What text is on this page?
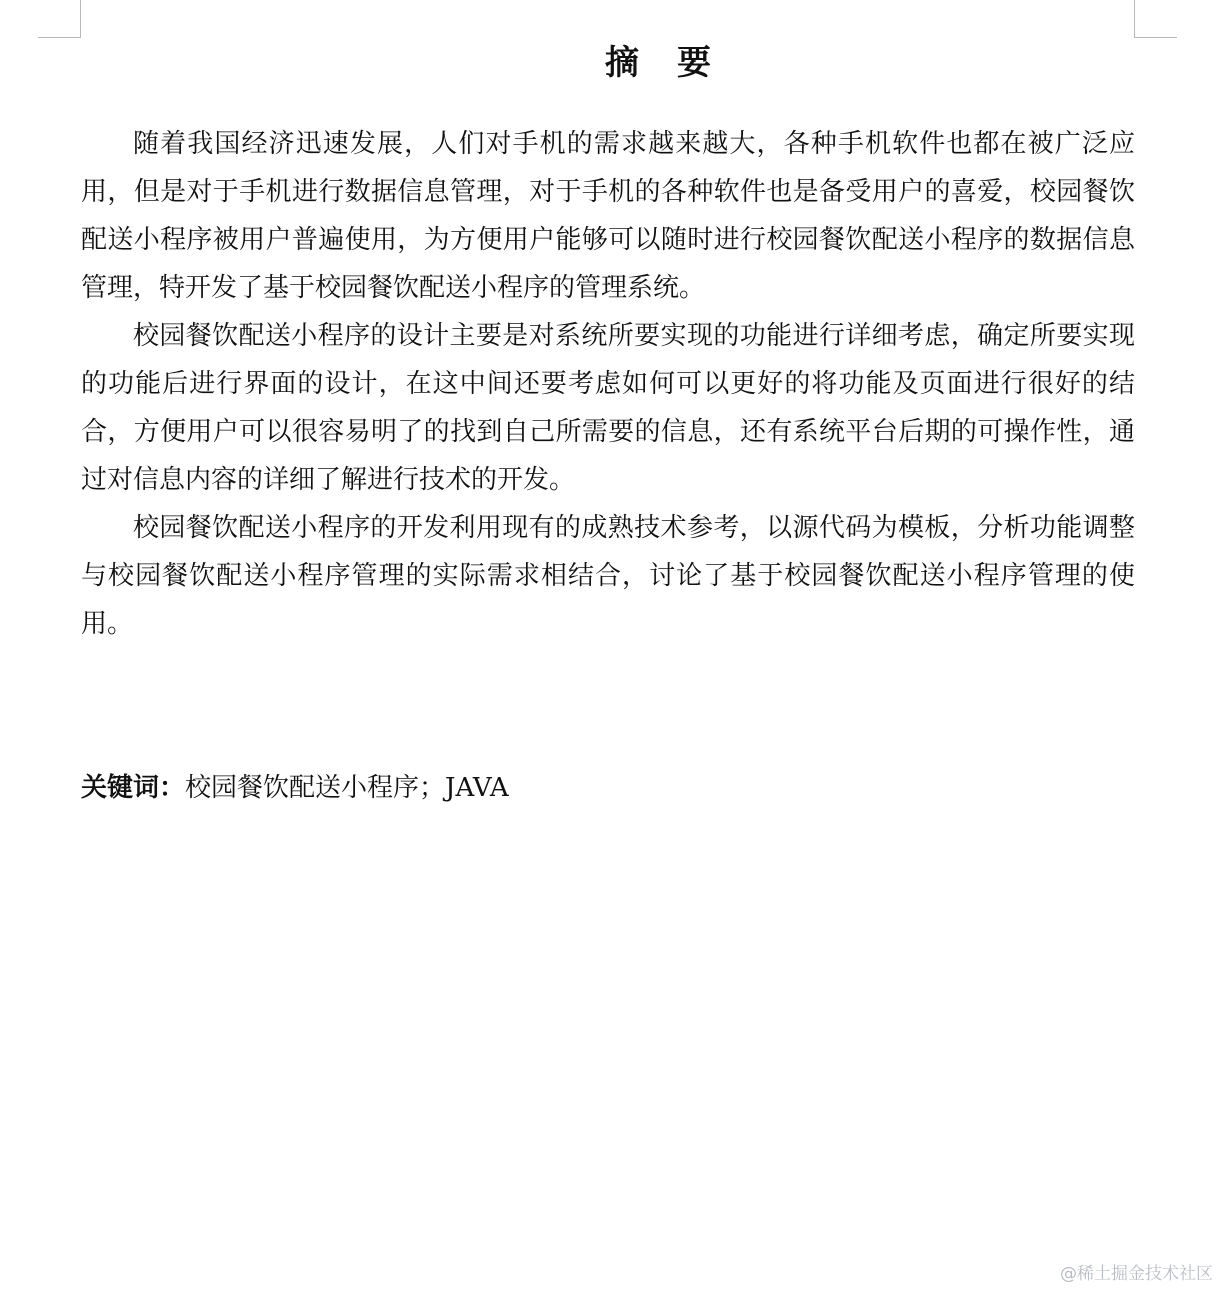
摘　要

随着我国经济迅速发展，人们对手机的需求越来越大，各种手机软件也都在被广泛应用，但是对于手机进行数据信息管理，对于手机的各种软件也是备受用户的喜爱，校园餐饮配送小程序被用户普遍使用，为方便用户能够可以随时进行校园餐饮配送小程序的数据信息管理，特开发了基于校园餐饮配送小程序的管理系统。

校园餐饮配送小程序的设计主要是对系统所要实现的功能进行详细考虑，确定所要实现的功能后进行界面的设计，在这中间还要考虑如何可以更好的将功能及页面进行很好的结合，方便用户可以很容易明了的找到自己所需要的信息，还有系统平台后期的可操作性，通过对信息内容的详细了解进行技术的开发。

校园餐饮配送小程序的开发利用现有的成熟技术参考，以源代码为模板，分析功能调整与校园餐饮配送小程序管理的实际需求相结合，讨论了基于校园餐饮配送小程序管理的使用。

关键词：校园餐饮配送小程序；JAVA
@稀土掘金技术社区
